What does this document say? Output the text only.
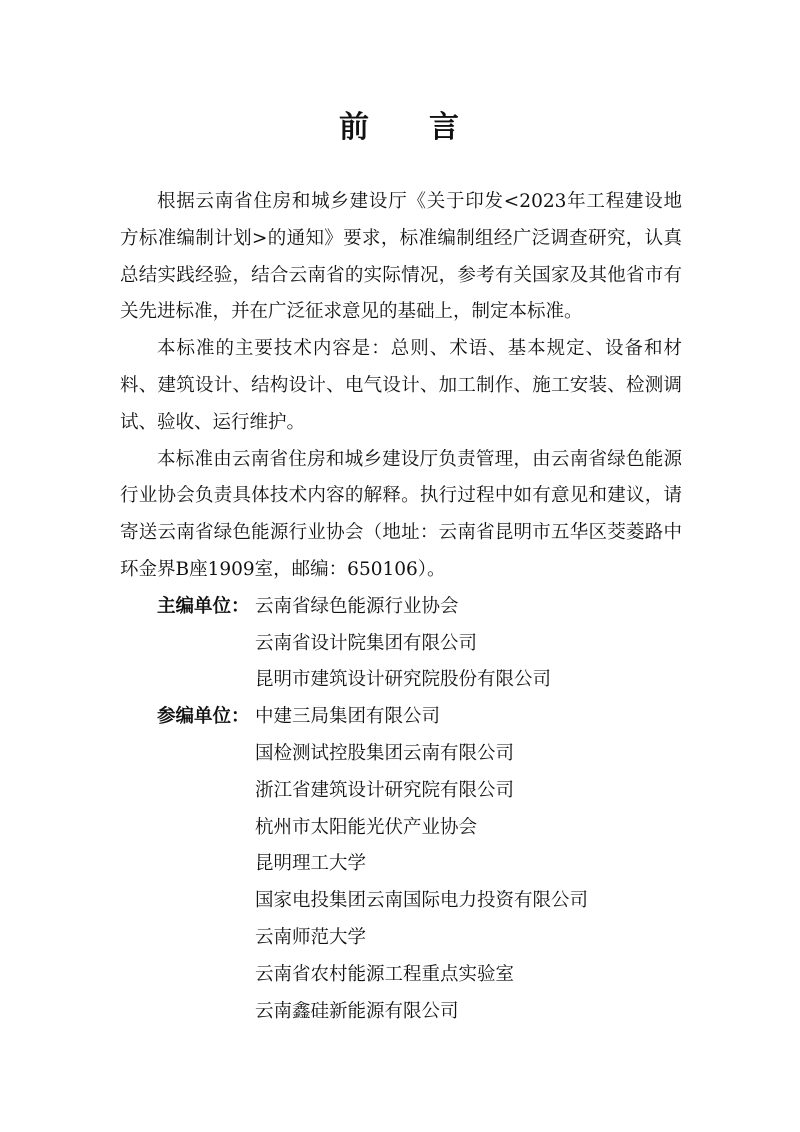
前 言

根据云南省住房和城乡建设厅《关于印发<2023年工程建设地方标准编制计划>的通知》要求，标准编制组经广泛调查研究，认真总结实践经验，结合云南省的实际情况，参考有关国家及其他省市有关先进标准，并在广泛征求意见的基础上，制定本标准。

本标准的主要技术内容是：总则、术语、基本规定、设备和材料、建筑设计、结构设计、电气设计、加工制作、施工安装、检测调试、验收、运行维护。

本标准由云南省住房和城乡建设厅负责管理，由云南省绿色能源行业协会负责具体技术内容的解释。执行过程中如有意见和建议，请寄送云南省绿色能源行业协会（地址：云南省昆明市五华区茭菱路中环金界B座1909室，邮编：650106）。

主编单位： 云南省绿色能源行业协会
云南省设计院集团有限公司
昆明市建筑设计研究院股份有限公司
参编单位： 中建三局集团有限公司
国检测试控股集团云南有限公司
浙江省建筑设计研究院有限公司
杭州市太阳能光伏产业协会
昆明理工大学
国家电投集团云南国际电力投资有限公司
云南师范大学
云南省农村能源工程重点实验室
云南鑫硅新能源有限公司
